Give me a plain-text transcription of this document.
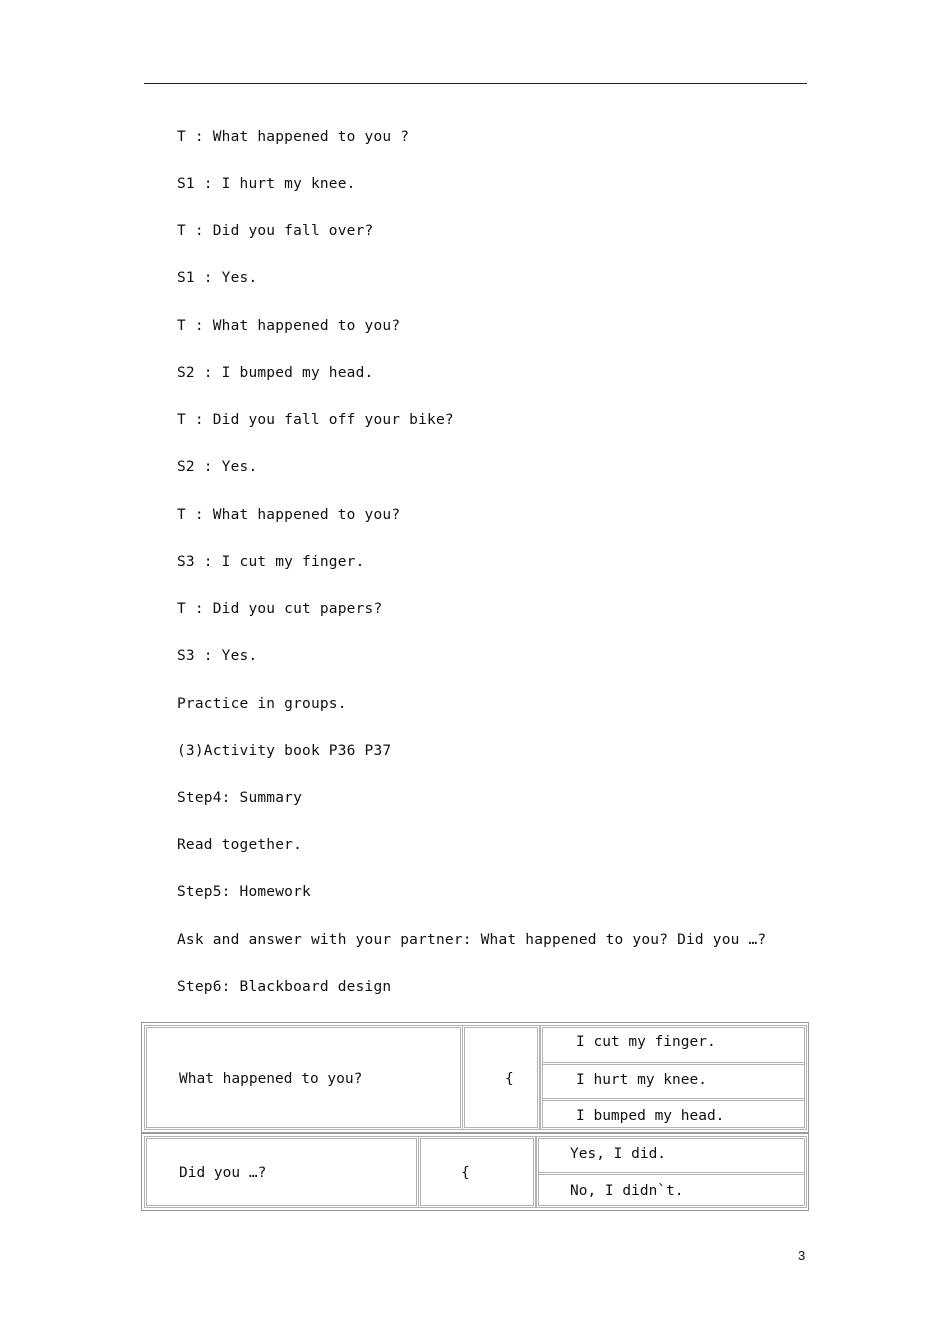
T : What happened to you ?
S1 : I hurt my knee.
T : Did you fall over?
S1 : Yes.
T : What happened to you?
S2 : I bumped my head.
T : Did you fall off your bike?
S2 : Yes.
T : What happened to you?
S3 : I cut my finger.
T : Did you cut papers?
S3 : Yes.
Practice in groups.
(3)Activity book P36 P37
Step4: Summary
Read together.
Step5: Homework
Ask and answer with your partner: What happened to you? Did you …?
Step6: Blackboard design

What happened to you?

	{

I cut my finger.

I hurt my knee.

I bumped my head.

Did you …?

	{

Yes, I did.

No, I didn`t.

3
